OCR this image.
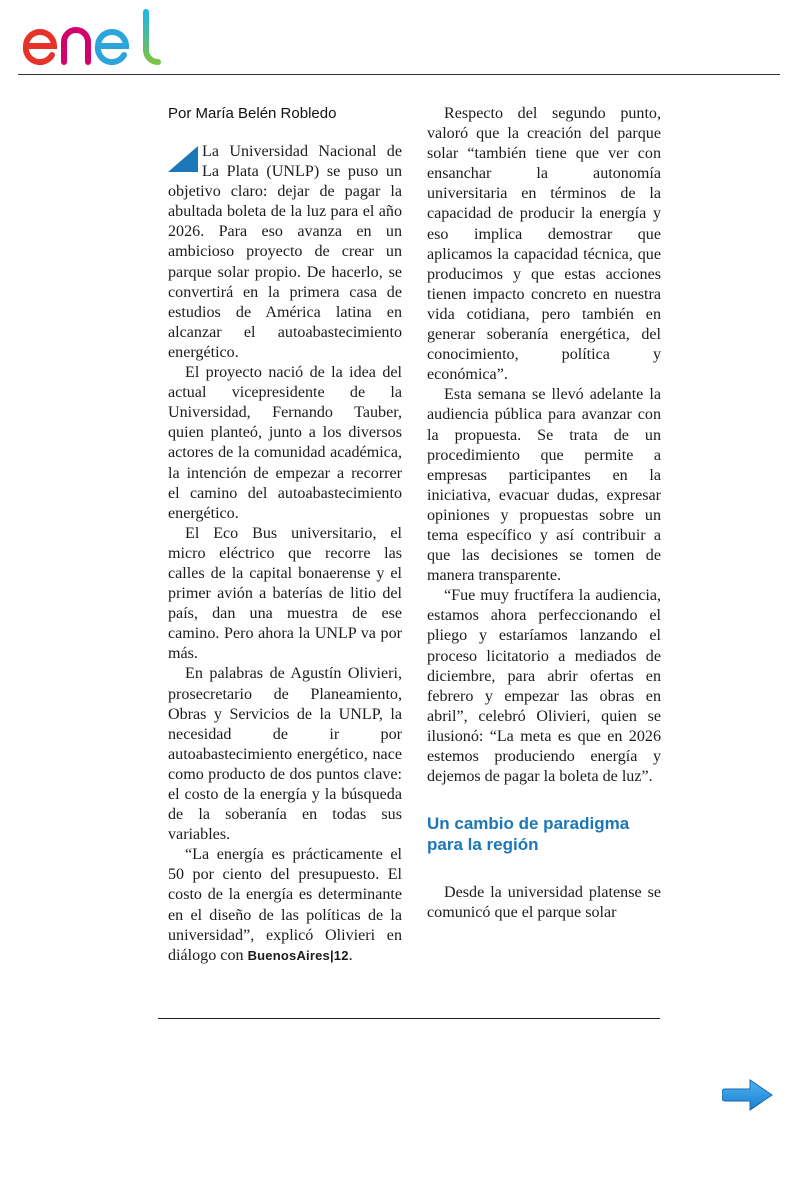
Por María Belén Robledo

La Universidad Nacional de La Plata (UNLP) se puso un objetivo claro: dejar de pagar la abultada boleta de la luz para el año 2026. Para eso avanza en un ambicioso proyecto de crear un parque solar propio. De hacerlo, se convertirá en la primera casa de estudios de América latina en alcanzar el autoabastecimiento energético.

El proyecto nació de la idea del actual vicepresidente de la Universidad, Fernando Tauber, quien planteó, junto a los diversos actores de la comunidad académica, la intención de empezar a recorrer el camino del autoabastecimiento energético.

El Eco Bus universitario, el micro eléctrico que recorre las calles de la capital bonaerense y el primer avión a baterías de litio del país, dan una muestra de ese camino. Pero ahora la UNLP va por más.

En palabras de Agustín Olivieri, prosecretario de Planeamiento, Obras y Servicios de la UNLP, la necesidad de ir por autoabastecimiento energético, nace como producto de dos puntos clave: el costo de la energía y la búsqueda de la soberanía en todas sus variables.

“La energía es prácticamente el 50 por ciento del presupuesto. El costo de la energía es determinante en el diseño de las políticas de la universidad”, explicó Olivieri en diálogo con BuenosAires|12.

Respecto del segundo punto, valoró que la creación del parque solar “también tiene que ver con ensanchar la autonomía universitaria en términos de la capacidad de producir la energía y eso implica demostrar que aplicamos la capacidad técnica, que producimos y que estas acciones tienen impacto concreto en nuestra vida cotidiana, pero también en generar soberanía energética, del conocimiento, política y económica”.

Esta semana se llevó adelante la audiencia pública para avanzar con la propuesta. Se trata de un procedimiento que permite a empresas participantes en la iniciativa, evacuar dudas, expresar opiniones y propuestas sobre un tema específico y así contribuir a que las decisiones se tomen de manera transparente.

“Fue muy fructífera la audiencia, estamos ahora perfeccionando el pliego y estaríamos lanzando el proceso licitatorio a mediados de diciembre, para abrir ofertas en febrero y empezar las obras en abril”, celebró Olivieri, quien se ilusionó: “La meta es que en 2026 estemos produciendo energía y dejemos de pagar la boleta de luz”.

Un cambio de paradigma para la región

Desde la universidad platense se comunicó que el parque solar
